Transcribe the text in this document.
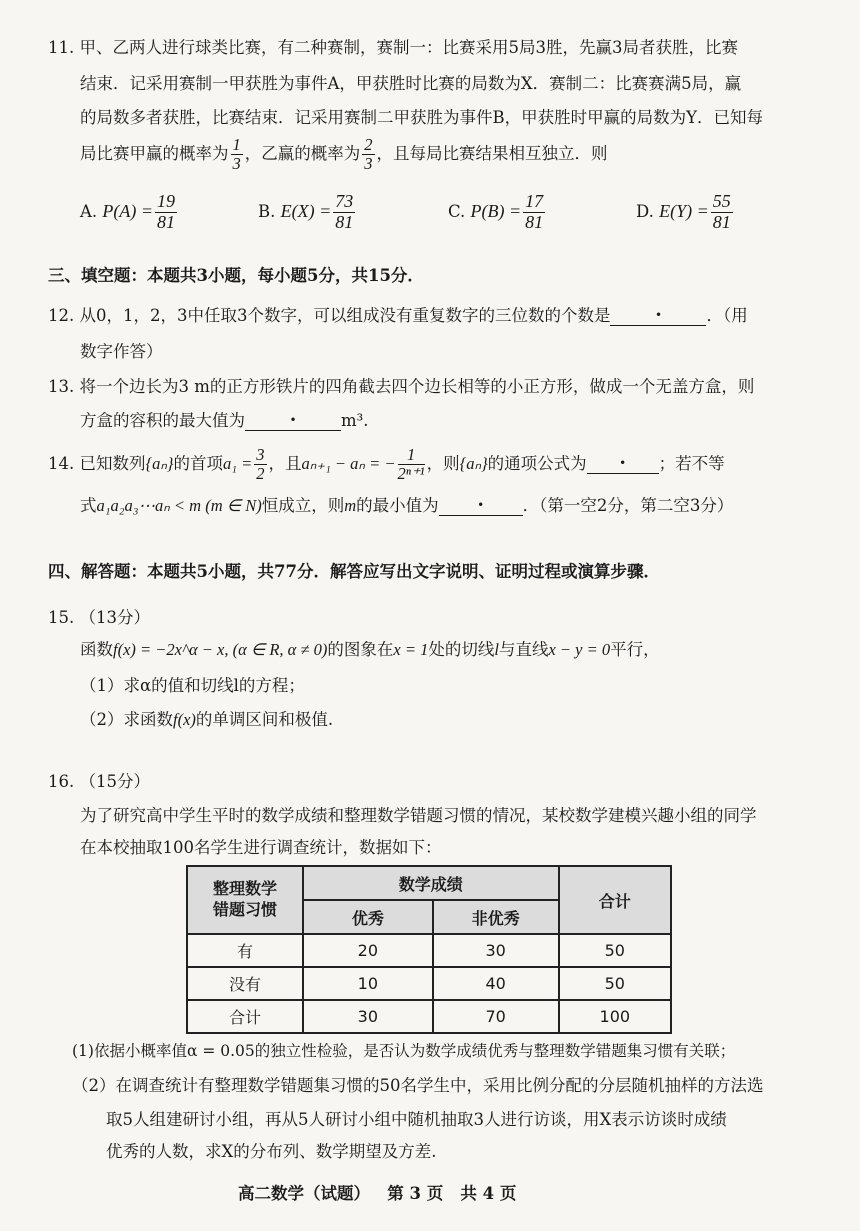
11. 甲、乙两人进行球类比赛，有二种赛制，赛制一：比赛采用5局3胜，先赢3局者获胜，比赛
结束．记采用赛制一甲获胜为事件A，甲获胜时比赛的局数为X．赛制二：比赛赛满5局，赢
的局数多者获胜，比赛结束．记采用赛制二甲获胜为事件B，甲获胜时甲赢的局数为Y．已知每
局比赛甲赢的概率为 $\frac{1}{3}$ ，乙赢的概率为 $\frac{2}{3}$ ，且每局比赛结果相互独立．则
A. $P(A) = \frac{19}{81}$	B. $E(X) = \frac{73}{81}$	C. $P(B) = \frac{17}{81}$	D. $E(Y) = \frac{55}{81}$
三、填空题：本题共3小题，每小题5分，共15分．
12. 从0，1，2，3中任取3个数字，可以组成没有重复数字的三位数的个数是	•	．（用
数字作答）
13. 将一个边长为3 m的正方形铁片的四角截去四个边长相等的小正方形，做成一个无盖方盒，则
方盒的容积的最大值为	•	m³.
14. 已知数列{aₙ}的首项$a_1 = \frac{3}{2}$ ，且aₙ₊₁ − aₙ = − $\frac{1}{\text{2ⁿ⁺¹}}$ ，则{aₙ}的通项公式为	• ；若不等
式a₁a₂a₃⋯aₙ < m (m ∈ N)恒成立，则m的最小值为	• ．（第一空2分，第二空3分）
四、解答题：本题共5小题，共77分．解答应写出文字说明、证明过程或演算步骤．
15. （13分）
函数f(x) = −2x^α − x, (α ∈ R, α ≠ 0)的图象在x = 1处的切线l与直线x − y = 0平行，
（1）求α的值和切线l的方程；
（2）求函数f(x)的单调区间和极值.
16. （15分）
为了研究高中学生平时的数学成绩和整理数学错题习惯的情况，某校数学建模兴趣小组的同学
在本校抽取100名学生进行调查统计，数据如下：
整理数学
错题习惯	数学成绩		合计
	优秀	非优秀	
有	20	30	50
没有	10	40	50
合计	30	70	100
(1)依据小概率值α = 0.05的独立性检验，是否认为数学成绩优秀与整理数学错题集习惯有关联；
（2）在调查统计有整理数学错题集习惯的50名学生中，采用比例分配的分层随机抽样的方法选
取5人组建研讨小组，再从5人研讨小组中随机抽取3人进行访谈，用X表示访谈时成绩
优秀的人数，求X的分布列、数学期望及方差.
高二数学（试题）   第 3 页   共 4 页
